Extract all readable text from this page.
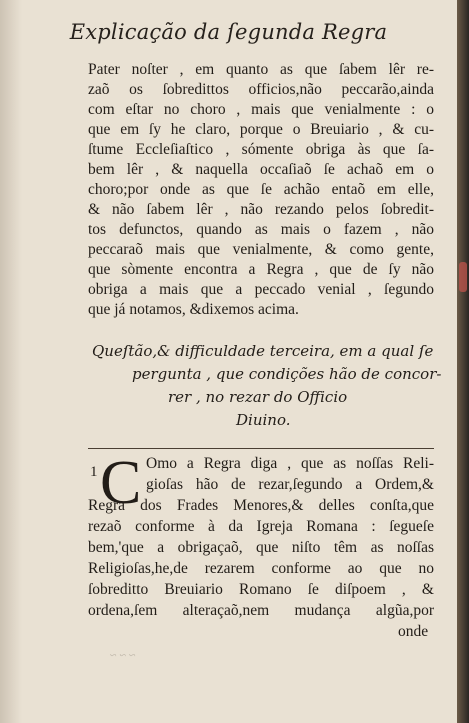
Explicação da ſegunda Regra
Pater noſter , em quanto as que ſabem lêr re-
zaõ os ſobredittos officios,não peccarão,ainda
com eſtar no choro , mais que venialmente : o
que em ſy he claro, porque o Breuiario , & cu-
ſtume Eccleſiaſtico , sómente obriga às que ſa-
bem lêr , & naquella occaſiaõ ſe achaõ em o
choro;por onde as que ſe achão entaõ em elle,
& não ſabem lêr , não rezando pelos ſobredit-
tos defunctos, quando as mais o fazem , não
peccaraõ mais que venialmente, & como gente,
que sòmente encontra a Regra , que de ſy não
obriga a mais que a peccado venial , ſegundo
que já notamos, &dixemos acima.
Queſtão,& difficuldade terceira, em a qual ſe
pergunta , que condições hão de concor-
rer , no rezar do Officio
Diuino.
1 C Omo a Regra diga , que as noſſas Reli-
gioſas hão de rezar,ſegundo a Ordem,&
Regra dos Frades Menores,& delles conſta,que
rezaõ conforme à da Igreja Romana : ſegueſe
bem,'que a obrigaçaõ, que niſto têm as noſſas
Religioſas,he,de rezarem conforme ao que no
ſobreditto Breuiario Romano ſe diſpoem , &
ordena,ſem alteraçaõ,nem mudança algũa,por
onde
~ ~ ~
